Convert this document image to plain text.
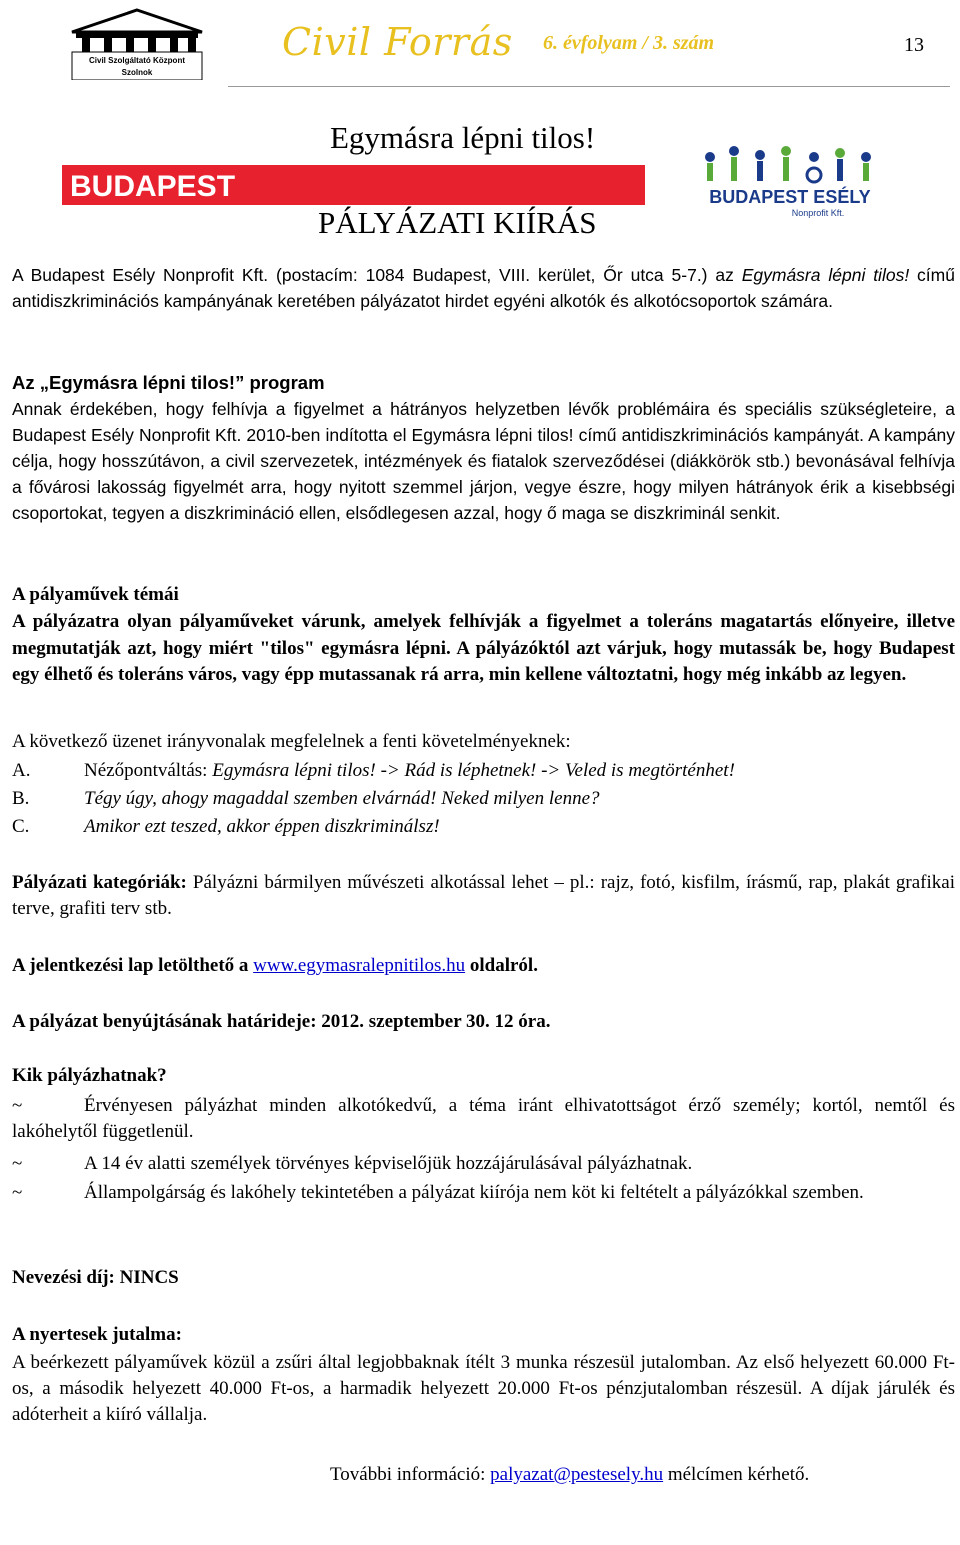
Civil Szolgáltató Központ
Szolnok
Civil Forrás 6. évfolyam / 3. szám	13
Egymásra lépni tilos!
BUDAPEST
PÁLYÁZATI KIÍRÁS
BUDAPEST ESÉLY
Nonprofit Kft.
A Budapest Esély Nonprofit Kft. (postacím: 1084 Budapest, VIII. kerület, Őr utca 5-7.) az Egymásra lépni tilos! című antidiszkriminációs kampányának keretében pályázatot hirdet egyéni alkotók és alkotócsoportok számára.
Az „Egymásra lépni tilos!” program
Annak érdekében, hogy felhívja a figyelmet a hátrányos helyzetben lévők problémáira és speciális szükségleteire, a Budapest Esély Nonprofit Kft. 2010-ben indította el Egymásra lépni tilos! című antidiszkriminációs kampányát. A kampány célja, hogy hosszútávon, a civil szervezetek, intézmények és fiatalok szerveződései (diákkörök stb.) bevonásával felhívja a fővárosi lakosság figyelmét arra, hogy nyitott szemmel járjon, vegye észre, hogy milyen hátrányok érik a kisebbségi csoportokat, tegyen a diszkrimináció ellen, elsődlegesen azzal, hogy ő maga se diszkriminál senkit.
A pályaművek témái
A pályázatra olyan pályaműveket várunk, amelyek felhívják a figyelmet a toleráns magatartás előnyeire, illetve megmutatják azt, hogy miért "tilos" egymásra lépni. A pályázóktól azt várjuk, hogy mutassák be, hogy Budapest egy élhető és toleráns város, vagy épp mutassanak rá arra, min kellene változtatni, hogy még inkább az legyen.
A következő üzenet irányvonalak megfelelnek a fenti követelményeknek:
A.	Nézőpontváltás: Egymásra lépni tilos! -> Rád is léphetnek! -> Veled is megtörténhet!
B.	Tégy úgy, ahogy magaddal szemben elvárnád! Neked milyen lenne?
C.	Amikor ezt teszed, akkor éppen diszkriminálsz!
Pályázati kategóriák: Pályázni bármilyen művészeti alkotással lehet – pl.: rajz, fotó, kisfilm, írásmű, rap, plakát grafikai terve, grafiti terv stb.
A jelentkezési lap letölthető a www.egymasralepnitilos.hu oldalról.
A pályázat benyújtásának határideje: 2012. szeptember 30. 12 óra.
Kik pályázhatnak?
~	Érvényesen pályázhat minden alkotókedvű, a téma iránt elhivatottságot érző személy; kortól, nemtől és lakóhelytől függetlenül.
~	A 14 év alatti személyek törvényes képviselőjük hozzájárulásával pályázhatnak.
~	Állampolgárság és lakóhely tekintetében a pályázat kiírója nem köt ki feltételt a pályázókkal szemben.
Nevezési díj: NINCS
A nyertesek jutalma:
A beérkezett pályaművek közül a zsűri által legjobbaknak ítélt 3 munka részesül jutalomban. Az első helyezett 60.000 Ft-os, a második helyezett 40.000 Ft-os, a harmadik helyezett 20.000 Ft-os pénzjutalomban részesül. A díjak járulék és adóterheit a kiíró vállalja.
További információ: palyazat@pestesely.hu mélcímen kérhető.
